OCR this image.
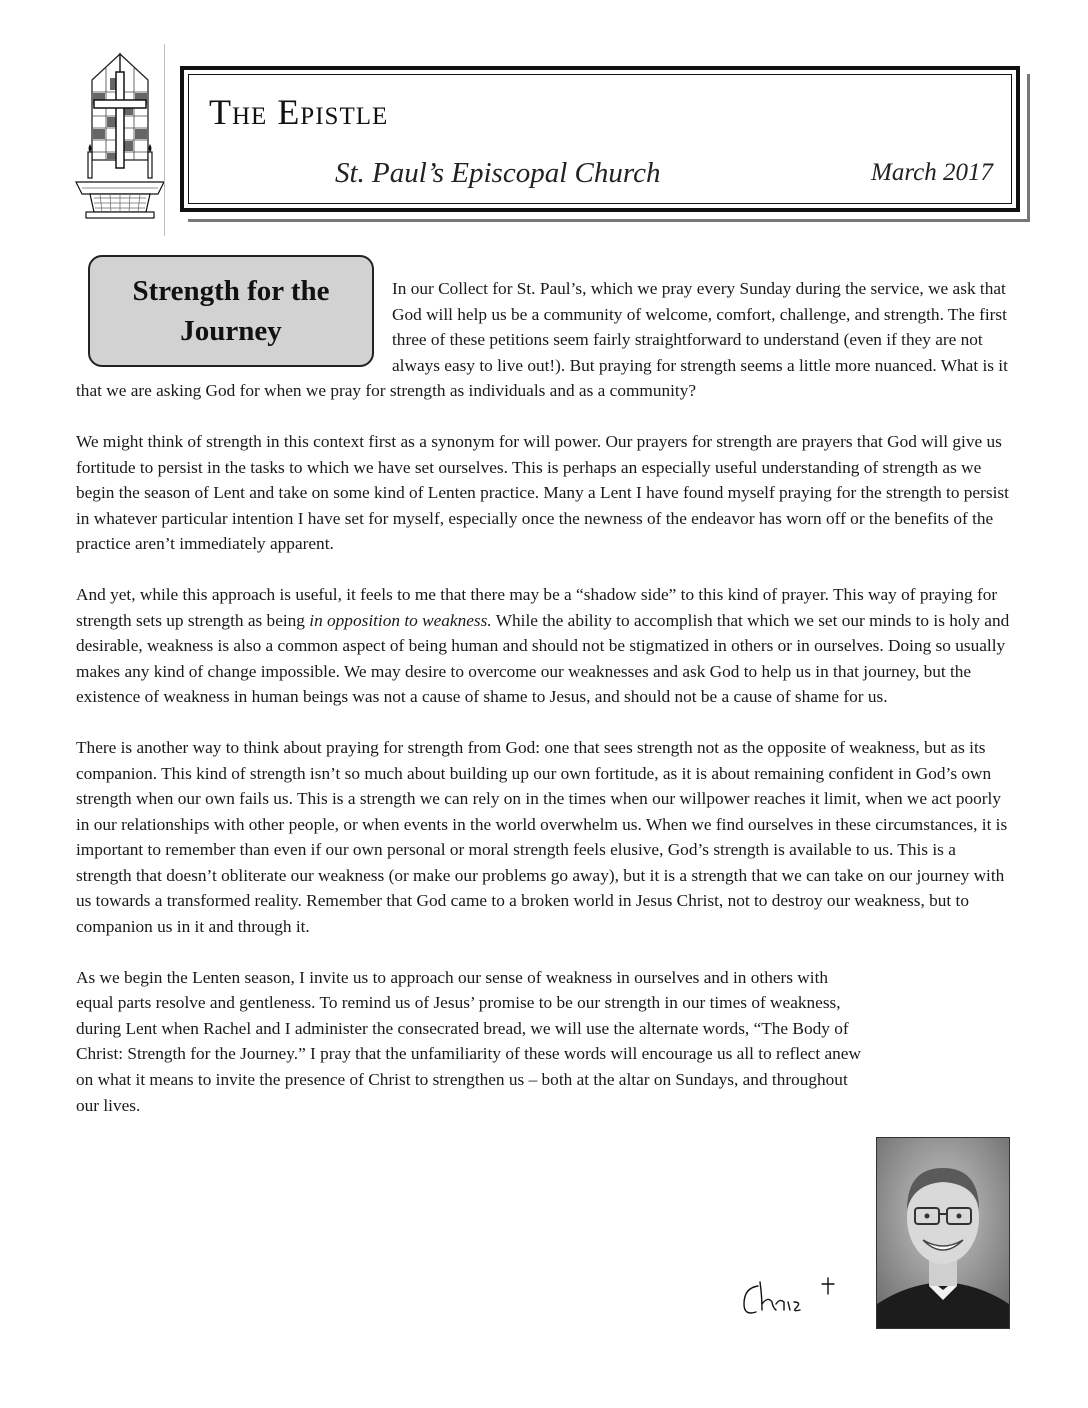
The Epistle
St. Paul’s Episcopal Church	March 2017
Strength for the
Journey

In our Collect for St. Paul’s, which we pray every Sunday during the service, we ask that God will help us be a community of welcome, comfort, challenge, and strength. The first three of these petitions seem fairly straightforward to understand (even if they are not always easy to live out!). But praying for strength seems a little more nuanced. What is it that we are asking God for when we pray for strength as individuals and as a community?

We might think of strength in this context first as a synonym for will power. Our prayers for strength are prayers that God will give us fortitude to persist in the tasks to which we have set ourselves. This is perhaps an especially useful understanding of strength as we begin the season of Lent and take on some kind of Lenten practice. Many a Lent I have found myself praying for the strength to persist in whatever particular intention I have set for myself, especially once the newness of the endeavor has worn off or the benefits of the practice aren’t immediately apparent.

And yet, while this approach is useful, it feels to me that there may be a “shadow side” to this kind of prayer. This way of praying for strength sets up strength as being in opposition to weakness. While the ability to accomplish that which we set our minds to is holy and desirable, weakness is also a common aspect of being human and should not be stigmatized in others or in ourselves. Doing so usually makes any kind of change impossible. We may desire to overcome our weaknesses and ask God to help us in that journey, but the existence of weakness in human beings was not a cause of shame to Jesus, and should not be a cause of shame for us.

There is another way to think about praying for strength from God: one that sees strength not as the opposite of weakness, but as its companion. This kind of strength isn’t so much about building up our own fortitude, as it is about remaining confident in God’s own strength when our own fails us. This is a strength we can rely on in the times when our willpower reaches it limit, when we act poorly in our relationships with other people, or when events in the world overwhelm us. When we find ourselves in these circumstances, it is important to remember than even if our own personal or moral strength feels elusive, God’s strength is available to us. This is a strength that doesn’t obliterate our weakness (or make our problems go away), but it is a strength that we can take on our journey with us towards a transformed reality. Remember that God came to a broken world in Jesus Christ, not to destroy our weakness, but to companion us in it and through it.

As we begin the Lenten season, I invite us to approach our sense of weakness in ourselves and in others with equal parts resolve and gentleness. To remind us of Jesus’ promise to be our strength in our times of weakness, during Lent when Rachel and I administer the consecrated bread, we will use the alternate words, “The Body of Christ: Strength for the Journey.” I pray that the unfamiliarity of these words will encourage us all to reflect anew on what it means to invite the presence of Christ to strengthen us – both at the altar on Sundays, and throughout our lives.
